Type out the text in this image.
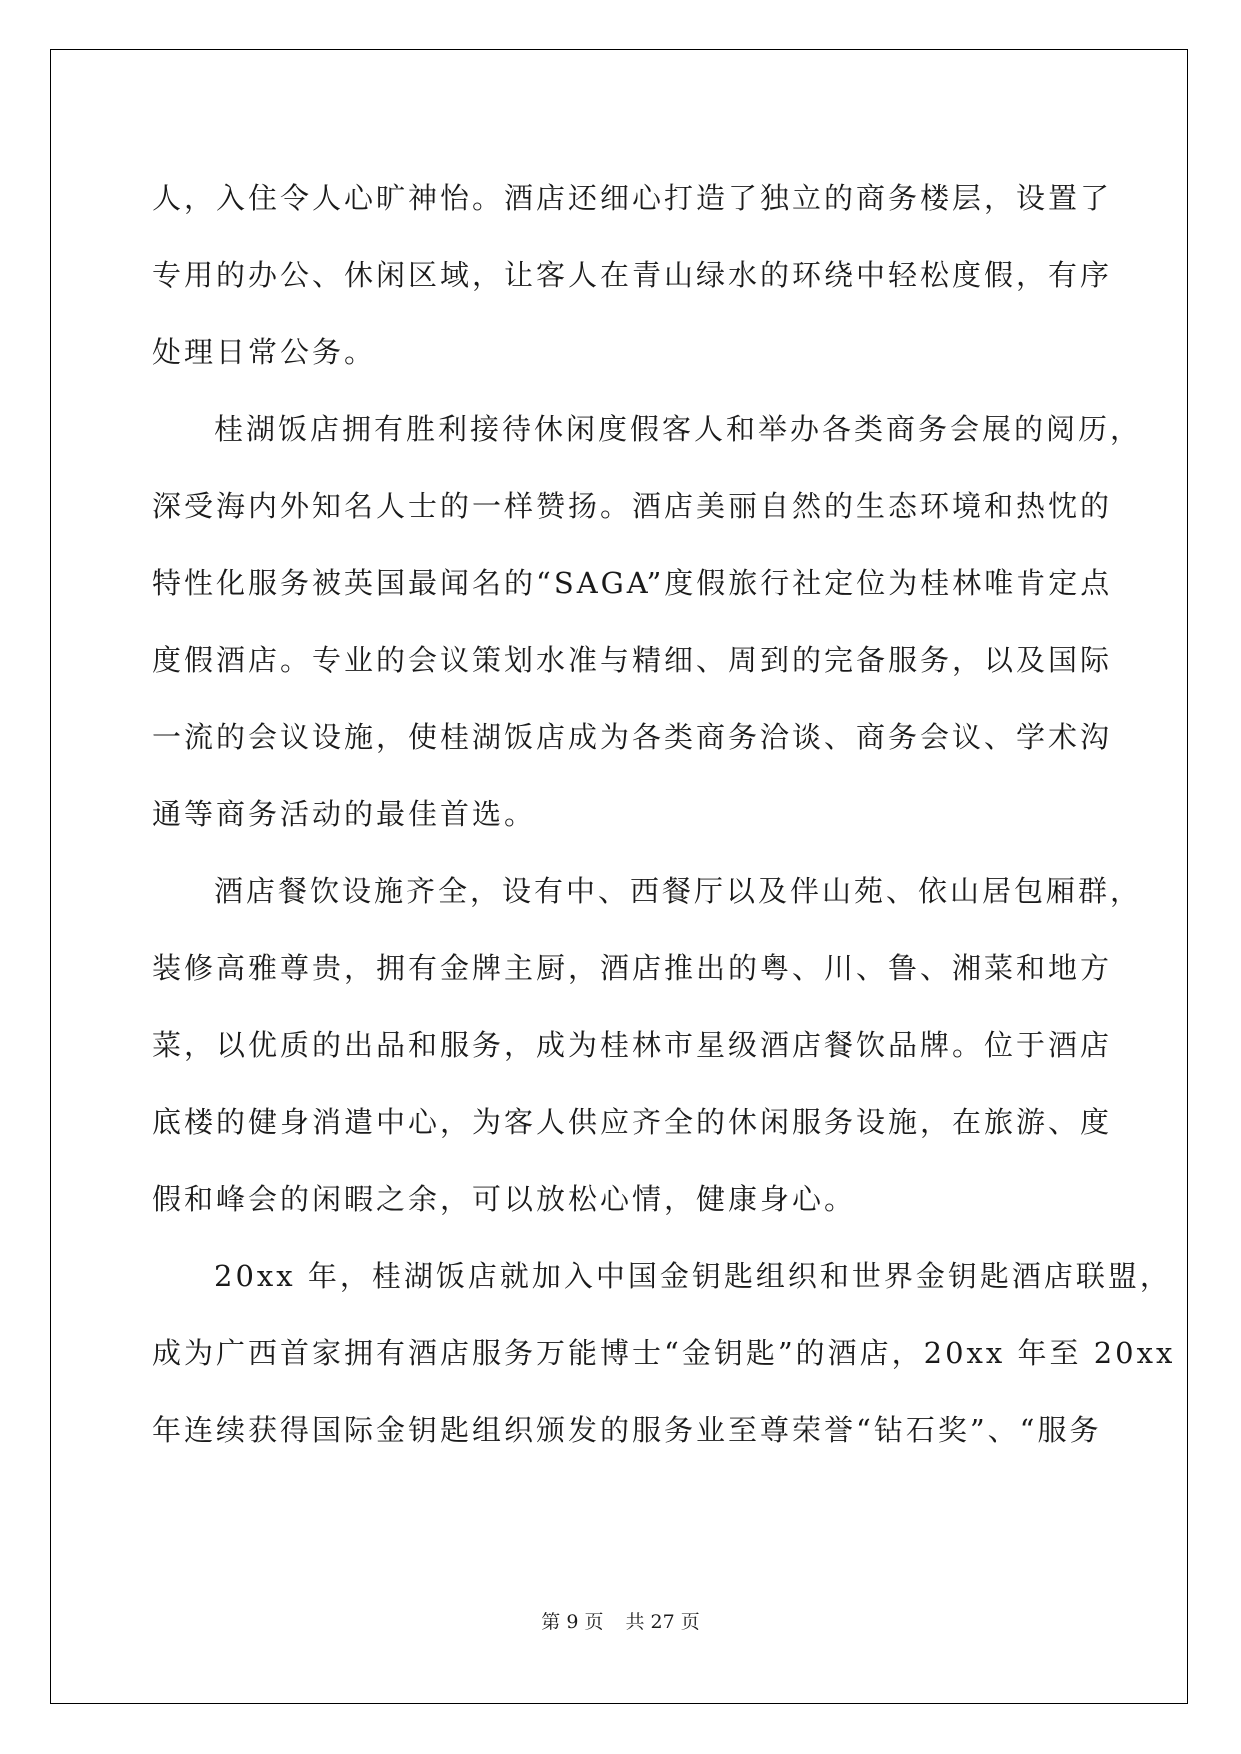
人，入住令人心旷神怡。酒店还细心打造了独立的商务楼层，设置了
专用的办公、休闲区域，让客人在青山绿水的环绕中轻松度假，有序
处理日常公务。
桂湖饭店拥有胜利接待休闲度假客人和举办各类商务会展的阅历，
深受海内外知名人士的一样赞扬。酒店美丽自然的生态环境和热忱的
特性化服务被英国最闻名的“SAGA”度假旅行社定位为桂林唯肯定点
度假酒店。专业的会议策划水准与精细、周到的完备服务，以及国际
一流的会议设施，使桂湖饭店成为各类商务洽谈、商务会议、学术沟
通等商务活动的最佳首选。
酒店餐饮设施齐全，设有中、西餐厅以及伴山苑、依山居包厢群，
装修高雅尊贵，拥有金牌主厨，酒店推出的粤、川、鲁、湘菜和地方
菜，以优质的出品和服务，成为桂林市星级酒店餐饮品牌。位于酒店
底楼的健身消遣中心，为客人供应齐全的休闲服务设施，在旅游、度
假和峰会的闲暇之余，可以放松心情，健康身心。
20xx 年，桂湖饭店就加入中国金钥匙组织和世界金钥匙酒店联盟，
成为广西首家拥有酒店服务万能博士“金钥匙”的酒店，20xx 年至 20xx
年连续获得国际金钥匙组织颁发的服务业至尊荣誉“钻石奖”、“服务
第 9 页 共 27 页
